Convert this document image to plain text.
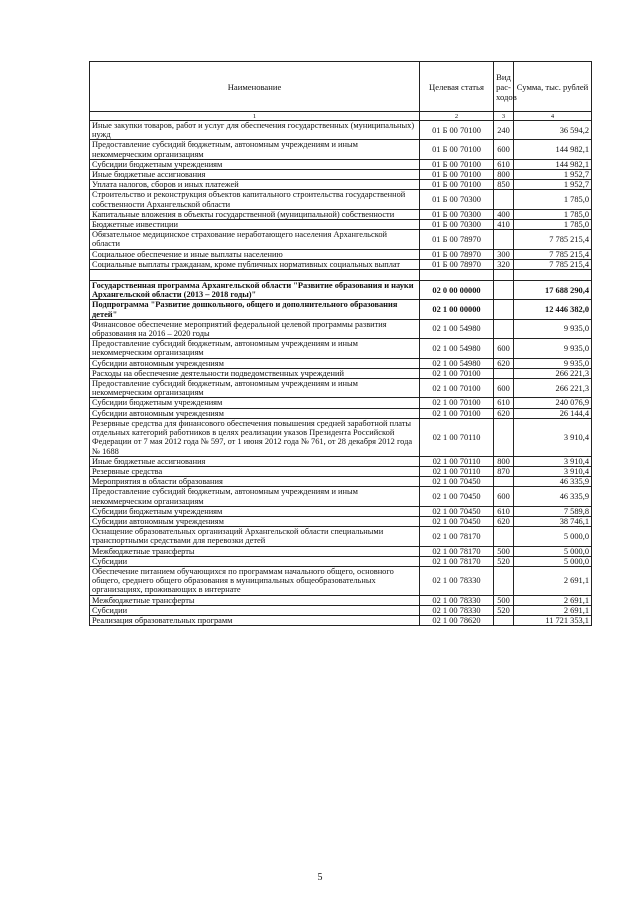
Наименование	Целевая статья	Вид рас-ходов	Сумма, тыс. рублей
1	2	3	4
Иные закупки товаров, работ и услуг для обеспечения государственных (муниципальных) нужд	01 Б 00 70100	240	36 594,2
Предоставление субсидий бюджетным, автономным учреждениям и иным некоммерческим организациям	01 Б 00 70100	600	144 982,1
Субсидии бюджетным учреждениям	01 Б 00 70100	610	144 982,1
Иные бюджетные ассигнования	01 Б 00 70100	800	1 952,7
Уплата налогов, сборов и иных платежей	01 Б 00 70100	850	1 952,7
Строительство и реконструкция объектов капитального строительства государственной собственности Архангельской области	01 Б 00 70300		1 785,0
Капитальные вложения в объекты государственной (муниципальной) собственности	01 Б 00 70300	400	1 785,0
Бюджетные инвестиции	01 Б 00 70300	410	1 785,0
Обязательное медицинское страхование неработающего населения Архангельской области	01 Б 00 78970		7 785 215,4
Социальное обеспечение и иные выплаты населению	01 Б 00 78970	300	7 785 215,4
Социальные выплаты гражданам, кроме публичных нормативных социальных выплат	01 Б 00 78970	320	7 785 215,4

Государственная программа Архангельской области "Развитие образования и науки Архангельской области (2013 – 2018 годы)"	02 0 00 00000		17 688 290,4
Подпрограмма "Развитие дошкольного, общего и дополнительного образования детей"	02 1 00 00000		12 446 382,0
Финансовое обеспечение мероприятий федеральной целевой программы развития образования на 2016 – 2020 годы	02 1 00 54980		9 935,0
Предоставление субсидий бюджетным, автономным учреждениям и иным некоммерческим организациям	02 1 00 54980	600	9 935,0
Субсидии автономным учреждениям	02 1 00 54980	620	9 935,0
Расходы на обеспечение деятельности подведомственных учреждений	02 1 00 70100		266 221,3
Предоставление субсидий бюджетным, автономным учреждениям и иным некоммерческим организациям	02 1 00 70100	600	266 221,3
Субсидии бюджетным учреждениям	02 1 00 70100	610	240 076,9
Субсидии автономным учреждениям	02 1 00 70100	620	26 144,4
Резервные средства для финансового обеспечения повышения средней заработной платы отдельных категорий работников в целях реализации указов Президента Российской Федерации от 7 мая 2012 года № 597, от 1 июня 2012 года № 761, от 28 декабря 2012 года № 1688	02 1 00 70110		3 910,4
Иные бюджетные ассигнования	02 1 00 70110	800	3 910,4
Резервные средства	02 1 00 70110	870	3 910,4
Мероприятия в области образования	02 1 00 70450		46 335,9
Предоставление субсидий бюджетным, автономным учреждениям и иным некоммерческим организациям	02 1 00 70450	600	46 335,9
Субсидии бюджетным учреждениям	02 1 00 70450	610	7 589,8
Субсидии автономным учреждениям	02 1 00 70450	620	38 746,1
Оснащение образовательных организаций Архангельской области специальными транспортными средствами для перевозки детей	02 1 00 78170		5 000,0
Межбюджетные трансферты	02 1 00 78170	500	5 000,0
Субсидии	02 1 00 78170	520	5 000,0
Обеспечение питанием обучающихся по программам начального общего, основного общего, среднего общего образования в муниципальных общеобразовательных организациях, проживающих в интернате	02 1 00 78330		2 691,1
Межбюджетные трансферты	02 1 00 78330	500	2 691,1
Субсидии	02 1 00 78330	520	2 691,1
Реализация образовательных программ	02 1 00 78620		11 721 353,1
5
